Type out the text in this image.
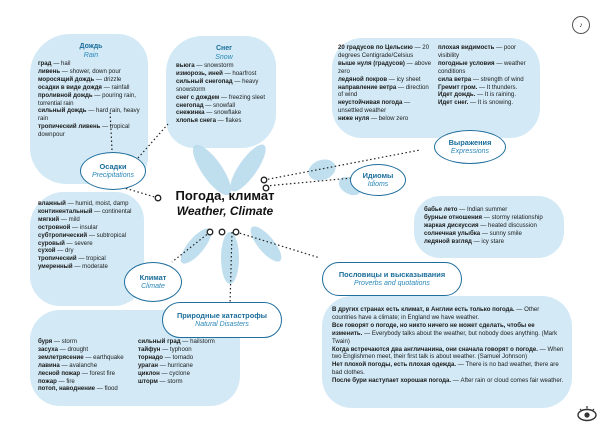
Дождь
Rain
град — hail
ливень — shower, down pour
моросящий дождь — drizzle
осадки в виде дождя — rainfall
проливной дождь — pouring rain, torrential rain
сильный дождь — hard rain, heavy rain
тропический ливень — tropical downpour
Снег
Snow
вьюга — snowstorm
изморозь, иней — hoarfrost
сильный снегопад — heavy snowstorm
снег с дождем — freezing sleet
снегопад — snowfall
снежинка — snowflake
хлопья снега — flakes
20 градусов по Цельсию — 20 degrees Centigrade/Celsius
выше нуля (градусов) — above zero
ледяной покров — icy sheet
направление ветра — direction of wind
неустойчивая погода — unsettled weather
ниже нуля — below zero
плохая видимость — poor visibility
погодные условия — weather conditions
сила ветра — strength of wind
Гремит гром. — It thunders.
Идет дождь. — It is raining.
Идет снег. — It is snowing.
бабье лето — Indian summer
бурные отношения — stormy relationship
жаркая дискуссия — heated discussion
солнечная улыбка — sunny smile
ледяной взгляд — icy stare
влажный — humid, moist, damp
континентальный — continental
мягкий — mild
островной — insular
субтропический — subtropical
суровый — severe
сухой — dry
тропический — tropical
умеренный — moderate
буря — storm
засуха — drought
землетрясение — earthquake
лавина — avalanche
лесной пожар — forest fire
пожар — fire
потоп, наводнение — flood
сильный град — hailstorm
тайфун — typhoon
торнадо — tornado
ураган — hurricane
циклон — cyclone
шторм — storm
В других странах есть климат, в Англии есть только погода. — Other countries have a climate; in England we have weather.
Все говорят о погоде, но никто ничего не может сделать, чтобы ее изменить. — Everybody talks about the weather, but nobody does anything. (Mark Twain)
Когда встречаются два англичанина, они сначала говорят о погоде. — When two Englishmen meet, their first talk is about weather. (Samuel Johnson)
Нет плохой погоды, есть плохая одежда. — There is no bad weather, there are bad clothes.
После бури наступает хорошая погода. — After rain or cloud comes fair weather.
Осадки
Precipitations
Выражения
Expressions
Идиомы
Idioms
Климат
Climate
Природные катастрофы
Natural Disasters
Пословицы и высказывания
Proverbs and quotations
Погода, климат
Weather, Climate
♪
